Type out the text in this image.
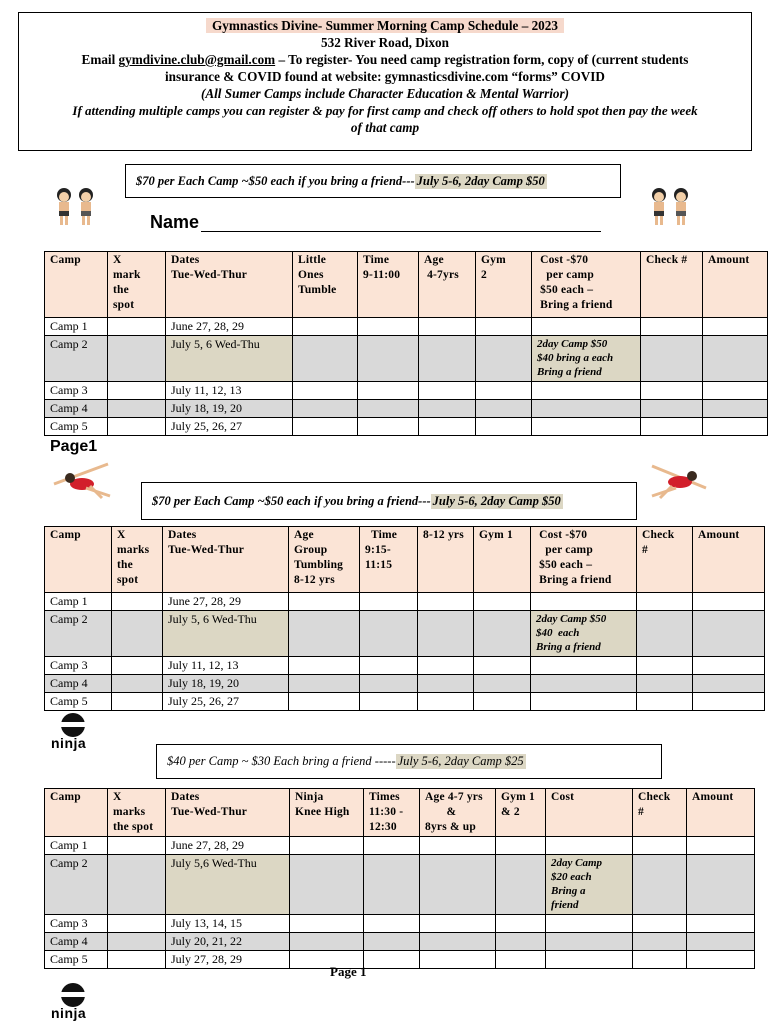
Gymnastics Divine- Summer Morning Camp Schedule – 2023
532 River Road, Dixon
Email gymdivine.club@gmail.com – To register- You need camp registration form, copy of (current students
insurance & COVID found at website: gymnasticsdivine.com “forms” COVID
(All Sumer Camps include Character Education & Mental Warrior)
If attending multiple camps you can register & pay for first camp and check off others to hold spot then pay the week
of that camp
$70 per Each Camp ~$50 each if you bring a friend--- July 5-6, 2day Camp $50
Name
Camp	X
mark
the
spot	Dates
Tue-Wed-Thur	Little
Ones
Tumble	Time
9-11:00	Age
4-7yrs	Gym
2	Cost -$70
per camp
$50 each –
Bring a friend	Check #	Amount
Camp 1		June 27, 28, 29							
Camp 2		July 5, 6 Wed-Thu					2day Camp $50
$40 bring a each
Bring a friend		
Camp 3		July 11, 12, 13							
Camp 4		July 18, 19, 20							
Camp 5		July 25, 26, 27							
Page1
$70 per Each Camp ~$50 each if you bring a friend--- July 5-6, 2day Camp $50
Camp	X
marks
the
spot	Dates
Tue-Wed-Thur	Age
Group
Tumbling
8-12 yrs	Time
9:15-
11:15	8-12 yrs	Gym 1	Cost -$70
per camp
$50 each –
Bring a friend	Check
#	Amount
Camp 1		June 27, 28, 29							
Camp 2		July 5, 6 Wed-Thu					2day Camp $50
$40  each
Bring a friend		
Camp 3		July 11, 12, 13							
Camp 4		July 18, 19, 20							
Camp 5		July 25, 26, 27							
ninja
$40 per Camp ~ $30 Each bring a friend ----- July 5-6, 2day Camp $25
Camp	X
marks
the spot	Dates
Tue-Wed-Thur	Ninja
Knee High	Times
11:30 -
12:30	Age 4-7 yrs
&
8yrs & up	Gym 1
& 2	Cost	Check
#	Amount
Camp 1		June 27, 28, 29							
Camp 2		July 5,6 Wed-Thu					2day Camp
$20 each
Bring a
friend		
Camp 3		July 13, 14, 15							
Camp 4		July 20, 21, 22							
Camp 5		July 27, 28, 29							
Page 1
ninja
